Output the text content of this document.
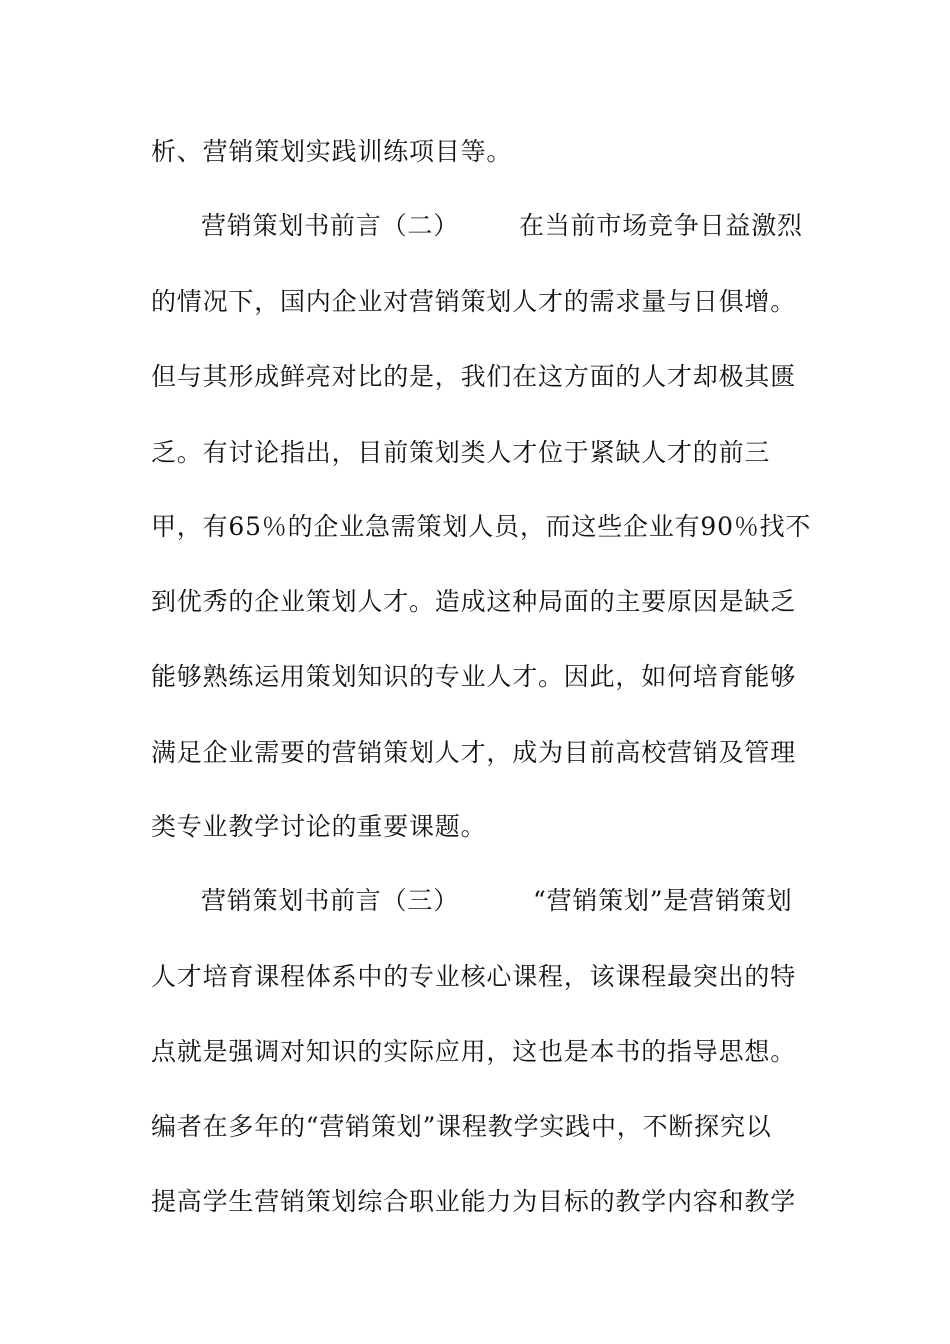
析、营销策划实践训练项目等。
营销策划书前言（二） 在当前市场竞争日益激烈
的情况下，国内企业对营销策划人才的需求量与日俱增。
但与其形成鲜亮对比的是，我们在这方面的人才却极其匮
乏。有讨论指出，目前策划类人才位于紧缺人才的前三
甲，有65％的企业急需策划人员，而这些企业有90％找不
到优秀的企业策划人才。造成这种局面的主要原因是缺乏
能够熟练运用策划知识的专业人才。因此，如何培育能够
满足企业需要的营销策划人才，成为目前高校营销及管理
类专业教学讨论的重要课题。
营销策划书前言（三）	“营销策划”是营销策划
人才培育课程体系中的专业核心课程，该课程最突出的特
点就是强调对知识的实际应用，这也是本书的指导思想。
编者在多年的“营销策划”课程教学实践中，不断探究以
提高学生营销策划综合职业能力为目标的教学内容和教学
